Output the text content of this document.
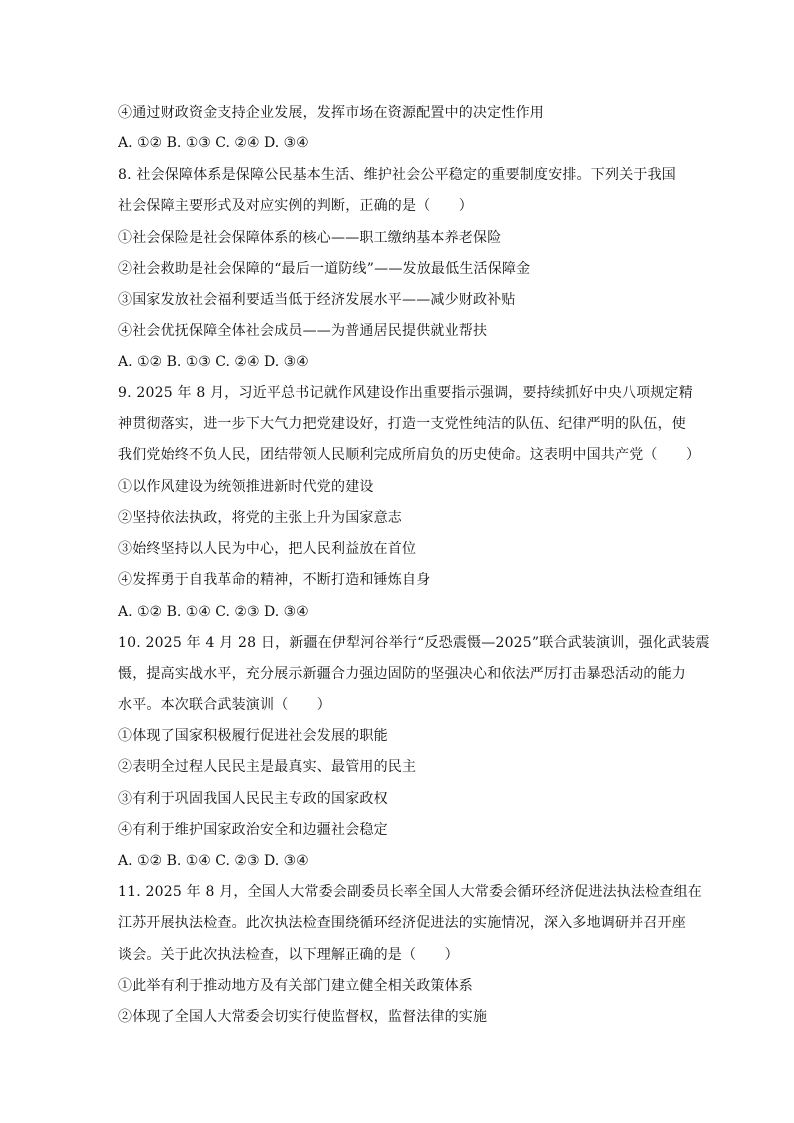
④通过财政资金支持企业发展，发挥市场在资源配置中的决定性作用
A. ①② B. ①③ C. ②④ D. ③④
8. 社会保障体系是保障公民基本生活、维护社会公平稳定的重要制度安排。下列关于我国
社会保障主要形式及对应实例的判断，正确的是（　　）
①社会保险是社会保障体系的核心——职工缴纳基本养老保险
②社会救助是社会保障的“最后一道防线”——发放最低生活保障金
③国家发放社会福利要适当低于经济发展水平——减少财政补贴
④社会优抚保障全体社会成员——为普通居民提供就业帮扶
A. ①② B. ①③ C. ②④ D. ③④
9. 2025 年 8 月，习近平总书记就作风建设作出重要指示强调，要持续抓好中央八项规定精
神贯彻落实，进一步下大气力把党建设好，打造一支党性纯洁的队伍、纪律严明的队伍，使
我们党始终不负人民，团结带领人民顺利完成所肩负的历史使命。这表明中国共产党（　　）
①以作风建设为统领推进新时代党的建设
②坚持依法执政，将党的主张上升为国家意志
③始终坚持以人民为中心，把人民利益放在首位
④发挥勇于自我革命的精神，不断打造和锤炼自身
A. ①② B. ①④ C. ②③ D. ③④
10. 2025 年 4 月 28 日，新疆在伊犁河谷举行“反恐震慑—2025”联合武装演训，强化武装震
慑，提高实战水平，充分展示新疆合力强边固防的坚强决心和依法严厉打击暴恐活动的能力
水平。本次联合武装演训（　　）
①体现了国家积极履行促进社会发展的职能
②表明全过程人民民主是最真实、最管用的民主
③有利于巩固我国人民民主专政的国家政权
④有利于维护国家政治安全和边疆社会稳定
A. ①② B. ①④ C. ②③ D. ③④
11. 2025 年 8 月，全国人大常委会副委员长率全国人大常委会循环经济促进法执法检查组在
江苏开展执法检查。此次执法检查围绕循环经济促进法的实施情况，深入多地调研并召开座
谈会。关于此次执法检查，以下理解正确的是（　　）
①此举有利于推动地方及有关部门建立健全相关政策体系
②体现了全国人大常委会切实行使监督权，监督法律的实施
